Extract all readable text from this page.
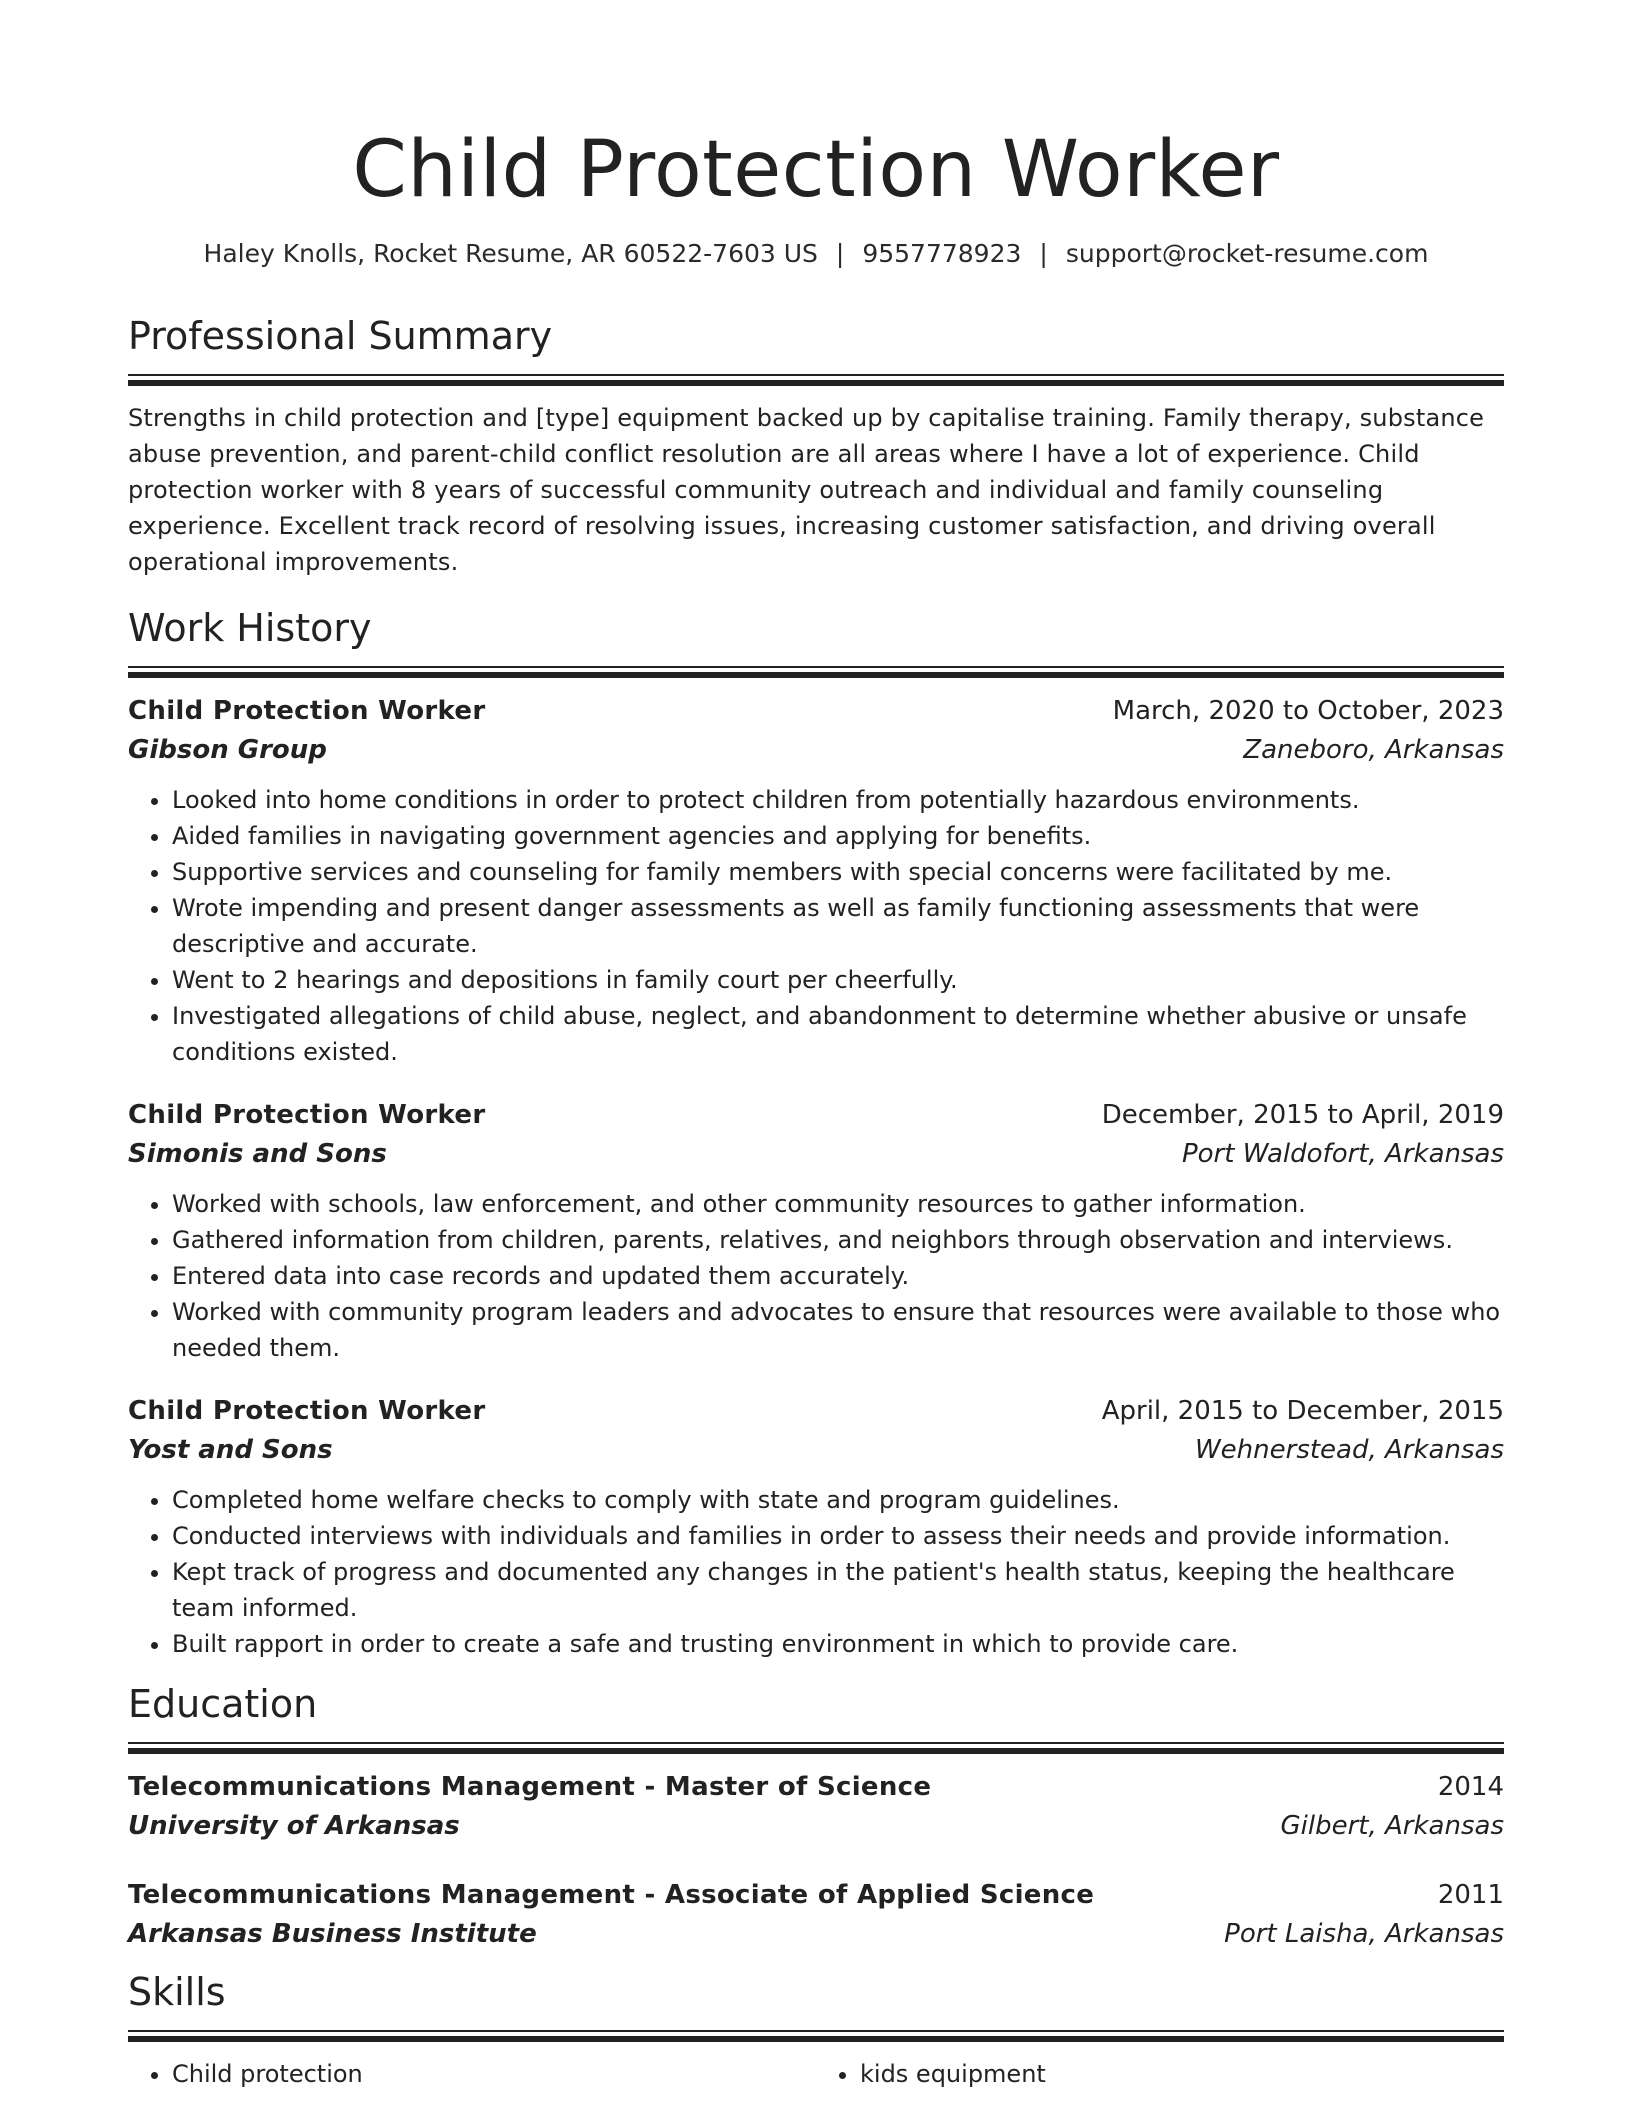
Child Protection Worker
Haley Knolls, Rocket Resume, AR 60522-7603 US | 9557778923 | support@rocket-resume.com
Professional Summary
Strengths in child protection and [type] equipment backed up by capitalise training. Family therapy, substance abuse prevention, and parent-child conflict resolution are all areas where I have a lot of experience. Child protection worker with 8 years of successful community outreach and individual and family counseling experience. Excellent track record of resolving issues, increasing customer satisfaction, and driving overall operational improvements.
Work History
Child Protection Worker	March, 2020 to October, 2023
Gibson Group	Zaneboro, Arkansas
• Looked into home conditions in order to protect children from potentially hazardous environments.
• Aided families in navigating government agencies and applying for benefits.
• Supportive services and counseling for family members with special concerns were facilitated by me.
• Wrote impending and present danger assessments as well as family functioning assessments that were descriptive and accurate.
• Went to 2 hearings and depositions in family court per cheerfully.
• Investigated allegations of child abuse, neglect, and abandonment to determine whether abusive or unsafe conditions existed.
Child Protection Worker	December, 2015 to April, 2019
Simonis and Sons	Port Waldofort, Arkansas
• Worked with schools, law enforcement, and other community resources to gather information.
• Gathered information from children, parents, relatives, and neighbors through observation and interviews.
• Entered data into case records and updated them accurately.
• Worked with community program leaders and advocates to ensure that resources were available to those who needed them.
Child Protection Worker	April, 2015 to December, 2015
Yost and Sons	Wehnerstead, Arkansas
• Completed home welfare checks to comply with state and program guidelines.
• Conducted interviews with individuals and families in order to assess their needs and provide information.
• Kept track of progress and documented any changes in the patient's health status, keeping the healthcare team informed.
• Built rapport in order to create a safe and trusting environment in which to provide care.
Education
Telecommunications Management - Master of Science	2014
University of Arkansas	Gilbert, Arkansas
Telecommunications Management - Associate of Applied Science	2011
Arkansas Business Institute	Port Laisha, Arkansas
Skills
• Child protection
•	kids equipment
